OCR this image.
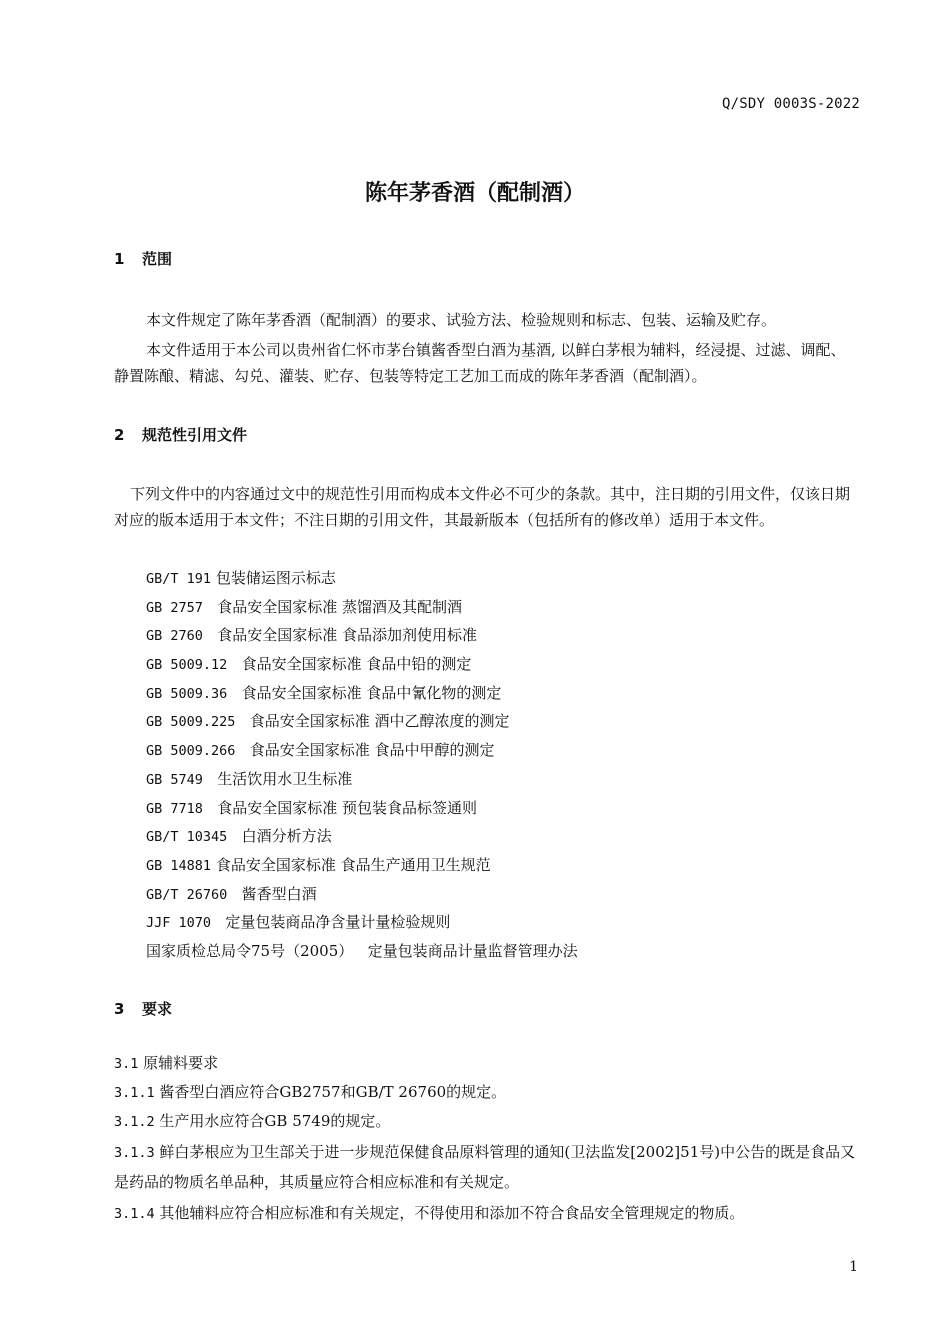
Q/SDY 0003S-2022
陈年茅香酒（配制酒）
1 范围

本文件规定了陈年茅香酒（配制酒）的要求、试验方法、检验规则和标志、包装、运输及贮存。

本文件适用于本公司以贵州省仁怀市茅台镇酱香型白酒为基酒, 以鲜白茅根为辅料，经浸提、过滤、调配、静置陈酿、精滤、勾兑、灌装、贮存、包装等特定工艺加工而成的陈年茅香酒（配制酒）。

2 规范性引用文件

下列文件中的内容通过文中的规范性引用而构成本文件必不可少的条款。其中，注日期的引用文件，仅该日期对应的版本适用于本文件；不注日期的引用文件，其最新版本（包括所有的修改单）适用于本文件。

GB/T 191 包装储运图示标志
GB 2757 食品安全国家标准 蒸馏酒及其配制酒
GB 2760 食品安全国家标准 食品添加剂使用标准
GB 5009.12 食品安全国家标准 食品中铅的测定
GB 5009.36 食品安全国家标准 食品中氰化物的测定
GB 5009.225 食品安全国家标准 酒中乙醇浓度的测定
GB 5009.266 食品安全国家标准 食品中甲醇的测定
GB 5749 生活饮用水卫生标准
GB 7718 食品安全国家标准 预包装食品标签通则
GB/T 10345 白酒分析方法
GB 14881 食品安全国家标准 食品生产通用卫生规范
GB/T 26760 酱香型白酒
JJF 1070 定量包装商品净含量计量检验规则
国家质检总局令75号（2005） 定量包装商品计量监督管理办法
3 要求

3.1 原辅料要求

3.1.1 酱香型白酒应符合GB2757和GB/T 26760的规定。

3.1.2 生产用水应符合GB 5749的规定。

3.1.3 鲜白茅根应为卫生部关于进一步规范保健食品原料管理的通知(卫法监发[2002]51号)中公告的既是食品又是药品的物质名单品种，其质量应符合相应标准和有关规定。

3.1.4 其他辅料应符合相应标准和有关规定，不得使用和添加不符合食品安全管理规定的物质。

1
